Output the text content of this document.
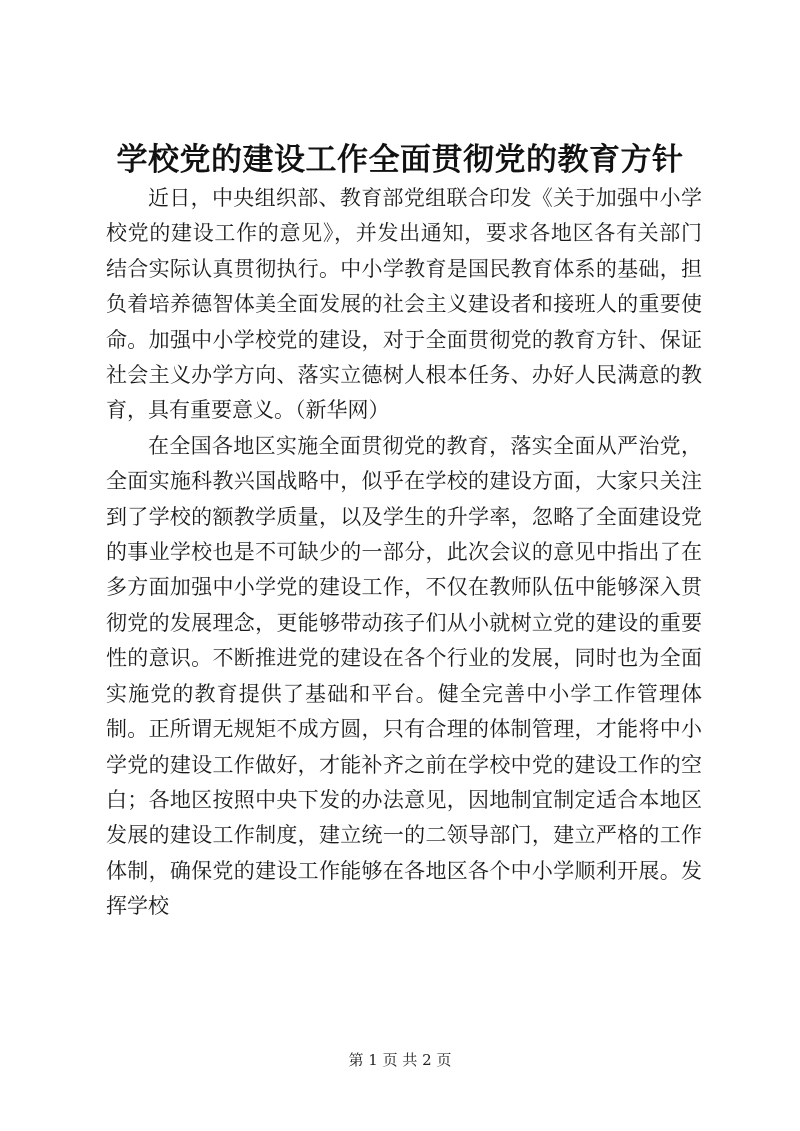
学校党的建设工作全面贯彻党的教育方针

近日，中央组织部、教育部党组联合印发《关于加强中小学校党的建设工作的意见》，并发出通知，要求各地区各有关部门结合实际认真贯彻执行。中小学教育是国民教育体系的基础，担负着培养德智体美全面发展的社会主义建设者和接班人的重要使命。加强中小学校党的建设，对于全面贯彻党的教育方针、保证社会主义办学方向、落实立德树人根本任务、办好人民满意的教育，具有重要意义。（新华网）

在全国各地区实施全面贯彻党的教育，落实全面从严治党，全面实施科教兴国战略中，似乎在学校的建设方面，大家只关注到了学校的额教学质量，以及学生的升学率，忽略了全面建设党的事业学校也是不可缺少的一部分，此次会议的意见中指出了在多方面加强中小学党的建设工作，不仅在教师队伍中能够深入贯彻党的发展理念，更能够带动孩子们从小就树立党的建设的重要性的意识。不断推进党的建设在各个行业的发展，同时也为全面实施党的教育提供了基础和平台。健全完善中小学工作管理体制。正所谓无规矩不成方圆，只有合理的体制管理，才能将中小学党的建设工作做好，才能补齐之前在学校中党的建设工作的空白；各地区按照中央下发的办法意见，因地制宜制定适合本地区发展的建设工作制度，建立统一的二领导部门，建立严格的工作体制，确保党的建设工作能够在各地区各个中小学顺利开展。发挥学校

第 1 页 共 2 页
